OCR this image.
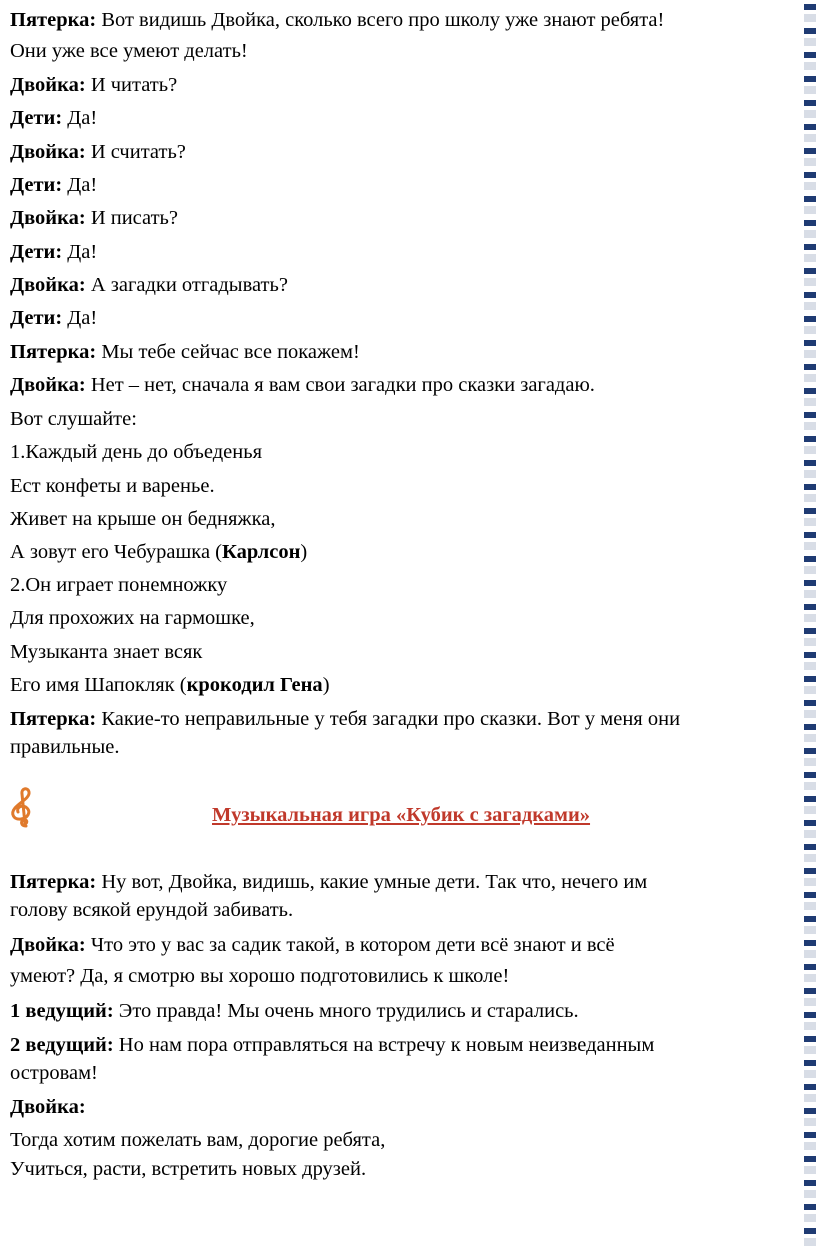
Пятерка: Вот видишь Двойка, сколько всего про школу уже знают ребята!
Они уже все умеют делать!
Двойка: И читать?
Дети: Да!
Двойка: И считать?
Дети: Да!
Двойка: И писать?
Дети: Да!
Двойка: А загадки отгадывать?
Дети: Да!
Пятерка: Мы тебе сейчас все покажем!
Двойка: Нет – нет, сначала я вам свои загадки про сказки загадаю.
Вот слушайте:
1.Каждый день до объеденья
Ест конфеты и варенье.
Живет на крыше он бедняжка,
А зовут его Чебурашка (Карлсон)
2.Он играет понемножку
Для прохожих на гармошке,
Музыканта знает всяк
Его имя Шапокляк (крокодил Гена)
Пятерка: Какие-то неправильные у тебя загадки про сказки. Вот у меня они
правильные.
Музыкальная игра «Кубик с загадками»
Пятерка: Ну вот, Двойка, видишь, какие умные дети. Так что, нечего им
голову всякой ерундой забивать.
Двойка: Что это у вас за садик такой, в котором дети всё знают и всё
умеют? Да, я смотрю вы хорошо подготовились к школе!
1 ведущий: Это правда! Мы очень много трудились и старались.
2 ведущий: Но нам пора отправляться на встречу к новым неизведанным
островам!
Двойка:
Тогда хотим пожелать вам, дорогие ребята,
Учиться, расти, встретить новых друзей.
